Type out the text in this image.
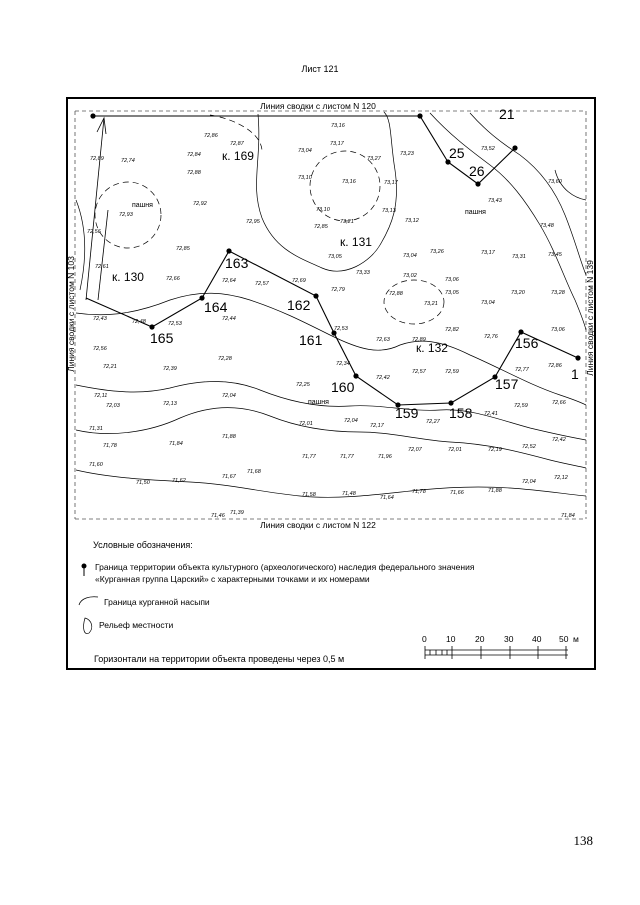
Лист 121
Линия сводки с листом N 120
Линия сводки с листом N 122
Линия сводки с листом N 103	Линия сводки с листом N 139
к. 169
к. 131
к. 130
к. 132
21
25
26
163
164
165
162
161
160
159 158
157
156
1
пашня
пашня
пашня
73,16
72,86
72,87
72,84
73,04
73,17
73,27
73,23
73,52
72,89	72,74
73,10
73,16	73,17
73,43
73,60
72,88
72,92
73,10
73,21
73,13
73,12
73,48
72,93
72,95
72,85
73,05	73,04
73,26	73,17
73,31	73,45
72,56
72,61
72,85
72,66	72,64	72,57	72,69
73,33	73,02
73,06
73,20	73,28
72,79
72,88
73,21
73,05
73,04
72,43	72,48	72,53
72,44
72,53
72,63	72,89
72,82
72,76
73,06
72,56
72,28
72,34	72,86
72,21	72,39
72,42
72,57	72,59	72,77
72,25
72,04
72,04	72,27
72,41
72,59	72,66
72,11
72,03	72,13
72,01	72,17
72,42
71,31
71,88
71,78	71,84
71,77	71,77	71,96
72,07	72,01	72,19	72,52
71,60
71,50	71,62
71,67
71,68
71,58	71,48
71,64
71,78	71,66	71,88
72,04
72,12
71,46 71,39	71,84
0 10 20 30 40 50 м
Условные обозначения:
Граница территории объекта культурного (археологического) наследия федерального значения
«Курганная группа Царский» с характерными точками и их номерами
Граница курганной насыпи
Рельеф местности
Горизонтали на территории объекта проведены через 0,5 м
138
